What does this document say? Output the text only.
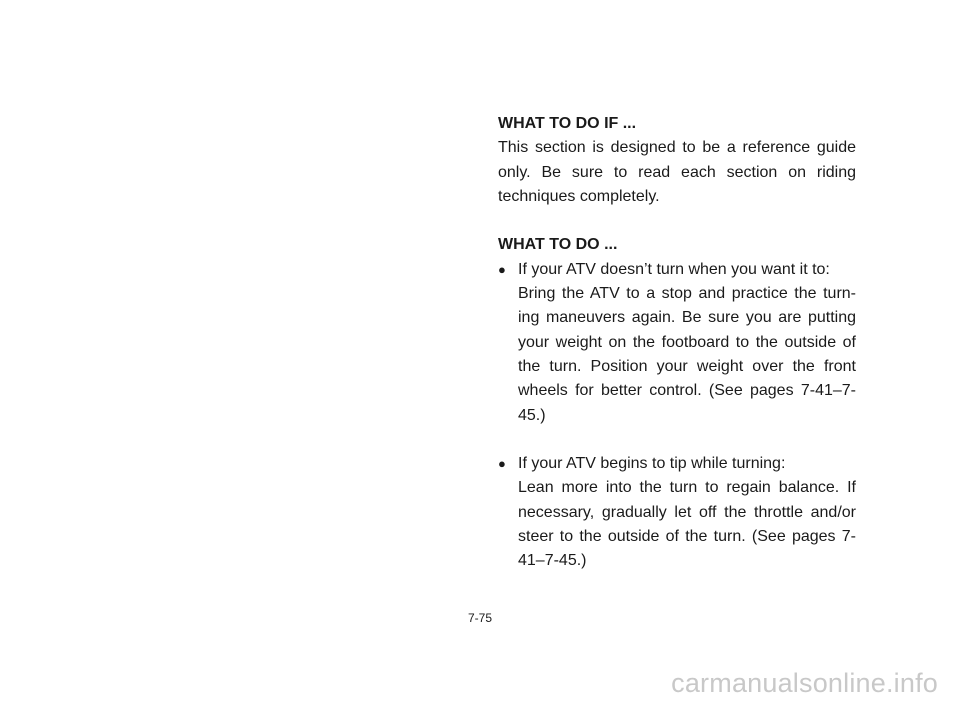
WHAT TO DO IF ...

This section is designed to be a reference guide only. Be sure to read each section on riding techniques completely.

WHAT TO DO ...

● If your ATV doesn’t turn when you want it to:

Bring the ATV to a stop and practice the turn-ing maneuvers again. Be sure you are putting your weight on the footboard to the outside of the turn. Position your weight over the front wheels for better control. (See pages 7-41–7-45.)

● If your ATV begins to tip while turning:

Lean more into the turn to regain balance. If necessary, gradually let off the throttle and/or steer to the outside of the turn. (See pages 7-41–7-45.)

7-75
carmanualsonline.info
